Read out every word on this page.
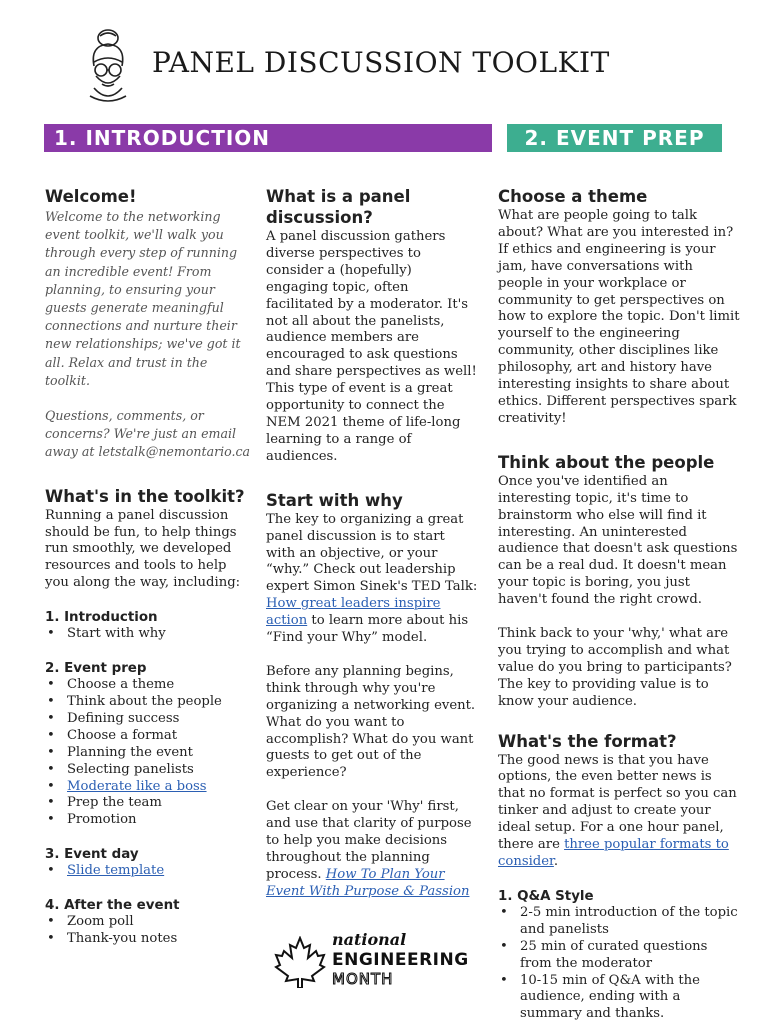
PANEL DISCUSSION TOOLKIT
1. INTRODUCTION	2. EVENT PREP
Welcome!

Welcome to the networking event toolkit, we'll walk you through every step of running an incredible event! From planning, to ensuring your guests generate meaningful connections and nurture their new relationships; we've got it all. Relax and trust in the toolkit.

Questions, comments, or concerns? We're just an email away at letstalk@nemontario.ca

What's in the toolkit?

Running a panel discussion should be fun, to help things run smoothly, we developed resources and tools to help you along the way, including:

1. Introduction
• Start with why
2. Event prep
• Choose a theme
• Think about the people
• Defining success
• Choose a format
• Planning the event
• Selecting panelists
• Moderate like a boss
• Prep the team
• Promotion
3. Event day
• Slide template
4. After the event
• Zoom poll
• Thank-you notes
What is a panel discussion?

A panel discussion gathers diverse perspectives to consider a (hopefully) engaging topic, often facilitated by a moderator. It's not all about the panelists, audience members are encouraged to ask questions and share perspectives as well! This type of event is a great opportunity to connect the NEM 2021 theme of life-long learning to a range of audiences.

Start with why

The key to organizing a great panel discussion is to start with an objective, or your “why.” Check out leadership expert Simon Sinek's TED Talk: How great leaders inspire action to learn more about his “Find your Why” model.

Before any planning begins, think through why you're organizing a networking event. What do you want to accomplish? What do you want guests to get out of the experience?

Get clear on your 'Why' first, and use that clarity of purpose to help you make decisions throughout the planning process. How To Plan Your Event With Purpose & Passion

Choose a theme

What are people going to talk about? What are you interested in? If ethics and engineering is your jam, have conversations with people in your workplace or community to get perspectives on how to explore the topic. Don't limit yourself to the engineering community, other disciplines like philosophy, art and history have interesting insights to share about ethics. Different perspectives spark creativity!

Think about the people

Once you've identified an interesting topic, it's time to brainstorm who else will find it interesting. An uninterested audience that doesn't ask questions can be a real dud. It doesn't mean your topic is boring, you just haven't found the right crowd.

Think back to your 'why,' what are you trying to accomplish and what value do you bring to participants? The key to providing value is to know your audience.

What's the format?

The good news is that you have options, the even better news is that no format is perfect so you can tinker and adjust to create your ideal setup. For a one hour panel, there are three popular formats to consider.

1. Q&A Style
• 2-5 min introduction of the topic and panelists
• 25 min of curated questions from the moderator
• 10-15 min of Q&A with the audience, ending with a summary and thanks.
national
ENGINEERING
MONTH
